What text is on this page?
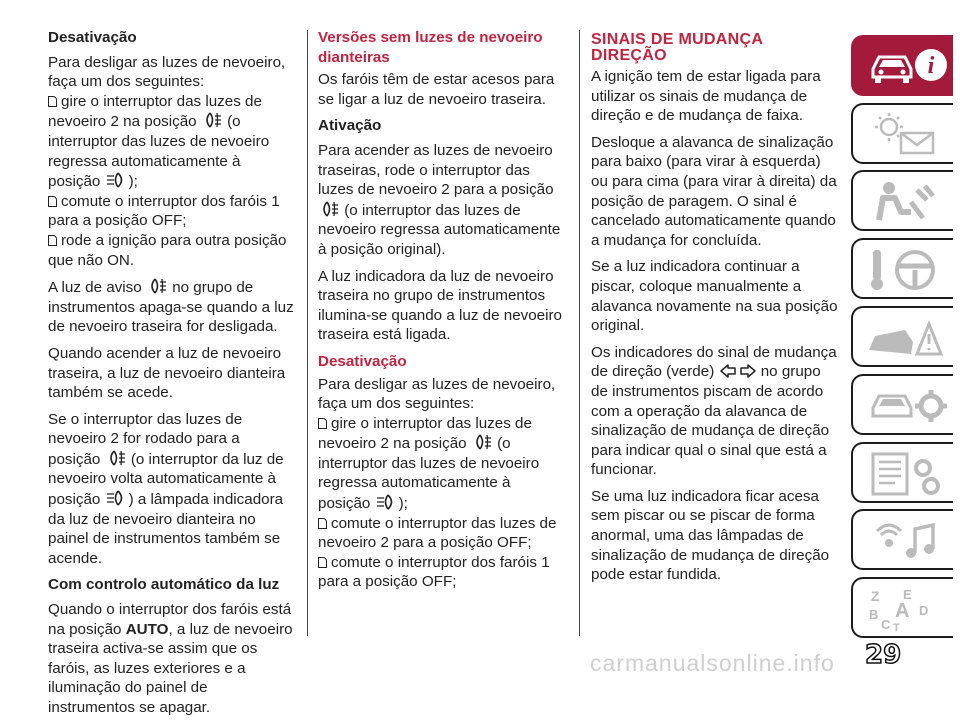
Desativação

Para desligar as luzes de nevoeiro, faça um dos seguintes:

gire o interruptor das luzes de nevoeiro 2 na posição (o interruptor das luzes de nevoeiro regressa automaticamente à posição );

comute o interruptor dos faróis 1 para a posição OFF;

rode a ignição para outra posição que não ON.

A luz de aviso no grupo de instrumentos apaga-se quando a luz de nevoeiro traseira for desligada.

Quando acender a luz de nevoeiro traseira, a luz de nevoeiro dianteira também se acede.

Se o interruptor das luzes de nevoeiro 2 for rodado para a posição (o interruptor da luz de nevoeiro volta automaticamente à posição ) a lâmpada indicadora da luz de nevoeiro dianteira no painel de instrumentos também se acende.

Com controlo automático da luz

Quando o interruptor dos faróis está na posição AUTO, a luz de nevoeiro traseira activa-se assim que os faróis, as luzes exteriores e a iluminação do painel de instrumentos se apagar.

Versões sem luzes de nevoeiro dianteiras

Os faróis têm de estar acesos para se ligar a luz de nevoeiro traseira.

Ativação

Para acender as luzes de nevoeiro traseiras, rode o interruptor das luzes de nevoeiro 2 para a posição  (o interruptor das luzes de nevoeiro regressa automaticamente à posição original).

A luz indicadora da luz de nevoeiro traseira no grupo de instrumentos ilumina-se quando a luz de nevoeiro traseira está ligada.

Desativação

Para desligar as luzes de nevoeiro, faça um dos seguintes:

gire o interruptor das luzes de nevoeiro 2 na posição (o interruptor das luzes de nevoeiro regressa automaticamente à posição );

comute o interruptor das luzes de nevoeiro 2 para a posição OFF;

comute o interruptor dos faróis 1 para a posição OFF;

SINAIS DE MUDANÇA DIREÇÃO

A ignição tem de estar ligada para utilizar os sinais de mudança de direção e de mudança de faixa.

Desloque a alavanca de sinalização para baixo (para virar à esquerda) ou para cima (para virar à direita) da posição de paragem. O sinal é cancelado automaticamente quando a mudança for concluída.

Se a luz indicadora continuar a piscar, coloque manualmente a alavanca novamente na sua posição original.

Os indicadores do sinal de mudança de direção (verde)	no grupo de instrumentos piscam de acordo com a operação da alavanca de sinalização de mudança de direção para indicar qual o sinal que está a funcionar.

Se uma luz indicadora ficar acesa sem piscar ou se piscar de forma anormal, uma das lâmpadas de sinalização de mudança de direção pode estar fundida.

i
Z E
B A D
C T
carmanualsonline.info 29
